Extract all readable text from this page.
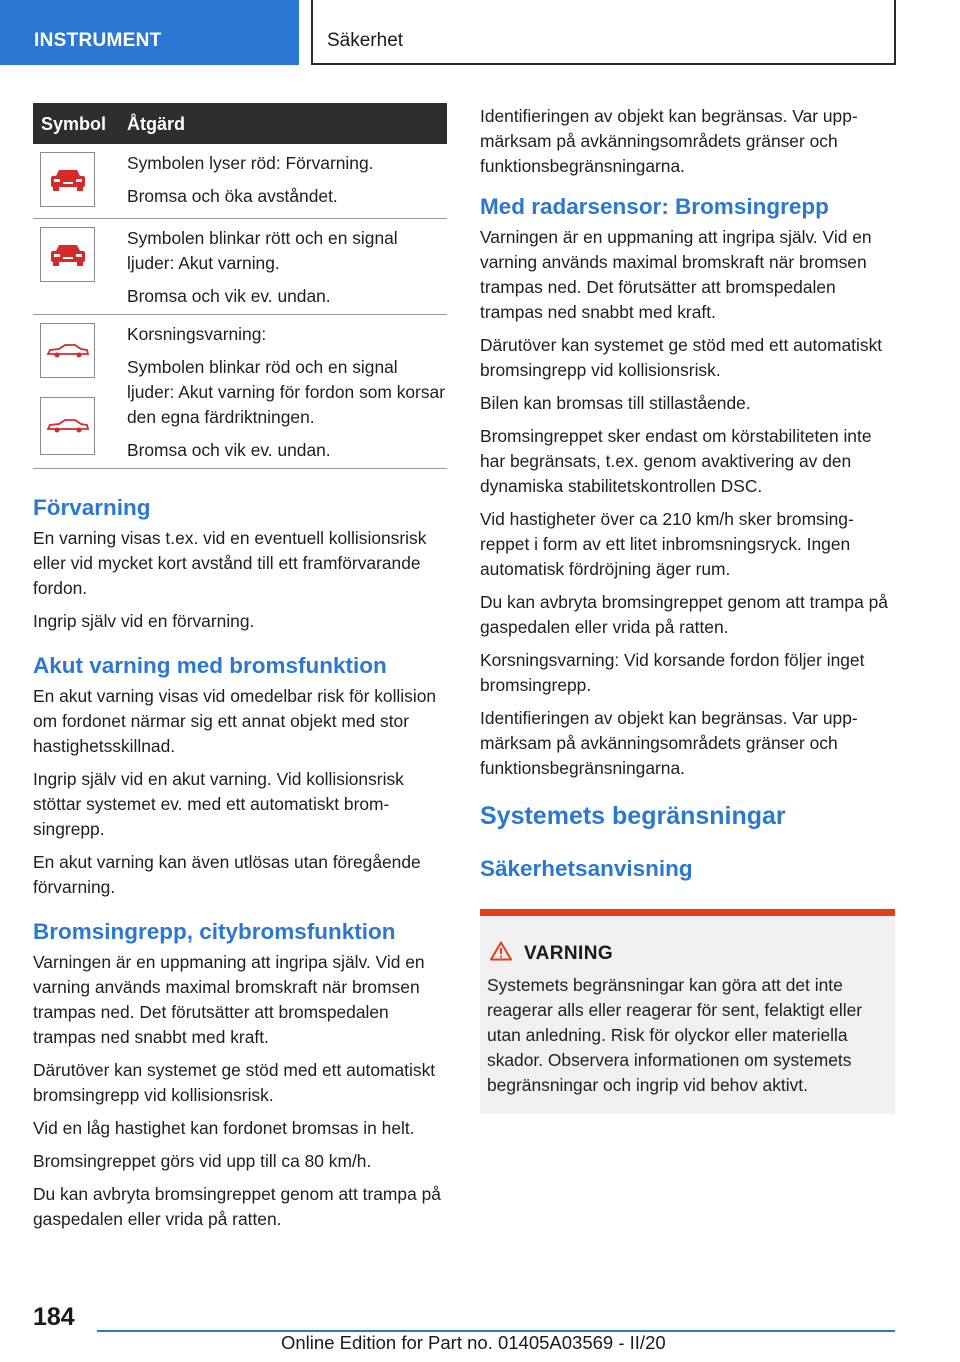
INSTRUMENT	Säkerhet
Symbol Åtgärd

Symbolen lyser röd: Förvarning.

Bromsa och öka avståndet.

Symbolen blinkar rött och en signal ljuder: Akut varning.

Bromsa och vik ev. undan.

Korsningsvarning:

Symbolen blinkar röd och en signal ljuder: Akut varning för fordon som korsar den egna färdriktningen.

Bromsa och vik ev. undan.

Förvarning

En varning visas t.ex. vid en eventuell kollisionsrisk eller vid mycket kort avstånd till ett framförvarande fordon.

Ingrip själv vid en förvarning.

Akut varning med bromsfunktion

En akut varning visas vid omedelbar risk för kollision om fordonet närmar sig ett annat objekt med stor hastighetsskillnad.

Ingrip själv vid en akut varning. Vid kollisionsrisk stöttar systemet ev. med ett automatiskt bromsingrepp.

En akut varning kan även utlösas utan föregående förvarning.

Bromsingrepp, citybromsfunktion

Varningen är en uppmaning att ingripa själv. Vid en varning används maximal bromskraft när bromsen trampas ned. Det förutsätter att bromspedalen trampas ned snabbt med kraft.

Därutöver kan systemet ge stöd med ett automatiskt bromsingrepp vid kollisionsrisk.

Vid en låg hastighet kan fordonet bromsas in helt.

Bromsingreppet görs vid upp till ca 80 km/h.

Du kan avbryta bromsingreppet genom att trampa på gaspedalen eller vrida på ratten.

Identifieringen av objekt kan begränsas. Var uppmärksam på avkänningsområdets gränser och funktionsbegränsningarna.

Med radarsensor: Bromsingrepp

Varningen är en uppmaning att ingripa själv. Vid en varning används maximal bromskraft när bromsen trampas ned. Det förutsätter att bromspedalen trampas ned snabbt med kraft.

Därutöver kan systemet ge stöd med ett automatiskt bromsingrepp vid kollisionsrisk.

Bilen kan bromsas till stillastående.

Bromsingreppet sker endast om körstabiliteten inte har begränsats, t.ex. genom avaktivering av den dynamiska stabilitetskontrollen DSC.

Vid hastigheter över ca 210 km/h sker bromsingreppet i form av ett litet inbromsningsryck. Ingen automatisk fördröjning äger rum.

Du kan avbryta bromsingreppet genom att trampa på gaspedalen eller vrida på ratten.

Korsningsvarning: Vid korsande fordon följer inget bromsingrepp.

Identifieringen av objekt kan begränsas. Var uppmärksam på avkänningsområdets gränser och funktionsbegränsningarna.

Systemets begränsningar
Säkerhetsanvisning
VARNING
Systemets begränsningar kan göra att det inte reagerar alls eller reagerar för sent, felaktigt eller utan anledning. Risk för olyckor eller materiella skador. Observera informationen om systemets begränsningar och ingrip vid behov aktivt.
184
Online Edition for Part no. 01405A03569 - II/20
